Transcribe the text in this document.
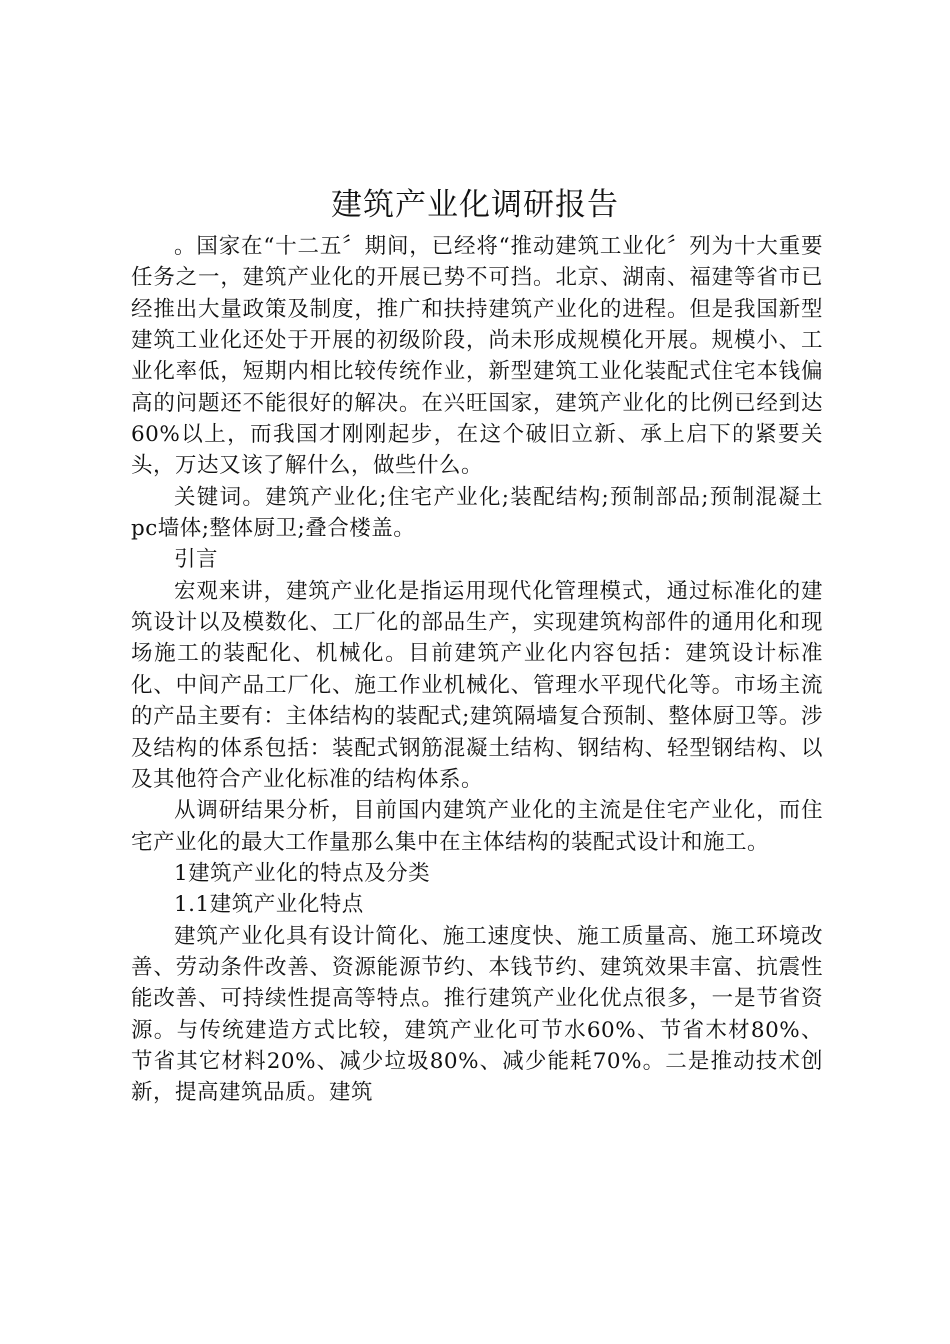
建筑产业化调研报告

。国家在“十二五〞期间，已经将“推动建筑工业化〞列为十大重要任务之一，建筑产业化的开展已势不可挡。北京、湖南、福建等省市已经推出大量政策及制度，推广和扶持建筑产业化的进程。但是我国新型建筑工业化还处于开展的初级阶段，尚未形成规模化开展。规模小、工业化率低，短期内相比较传统作业，新型建筑工业化装配式住宅本钱偏高的问题还不能很好的解决。在兴旺国家，建筑产业化的比例已经到达60%以上，而我国才刚刚起步，在这个破旧立新、承上启下的紧要关头，万达又该了解什么，做些什么。

关键词。建筑产业化;住宅产业化;装配结构;预制部品;预制混凝土pc墙体;整体厨卫;叠合楼盖。

引言

宏观来讲，建筑产业化是指运用现代化管理模式，通过标准化的建筑设计以及模数化、工厂化的部品生产，实现建筑构部件的通用化和现场施工的装配化、机械化。目前建筑产业化内容包括：建筑设计标准化、中间产品工厂化、施工作业机械化、管理水平现代化等。市场主流的产品主要有：主体结构的装配式;建筑隔墙复合预制、整体厨卫等。涉及结构的体系包括：装配式钢筋混凝土结构、钢结构、轻型钢结构、以及其他符合产业化标准的结构体系。

从调研结果分析，目前国内建筑产业化的主流是住宅产业化，而住宅产业化的最大工作量那么集中在主体结构的装配式设计和施工。

1建筑产业化的特点及分类

1.1建筑产业化特点

建筑产业化具有设计简化、施工速度快、施工质量高、施工环境改善、劳动条件改善、资源能源节约、本钱节约、建筑效果丰富、抗震性能改善、可持续性提高等特点。推行建筑产业化优点很多，一是节省资源。与传统建造方式比较，建筑产业化可节水60%、节省木材80%、节省其它材料20%、减少垃圾80%、减少能耗70%。二是推动技术创新，提高建筑品质。建筑
